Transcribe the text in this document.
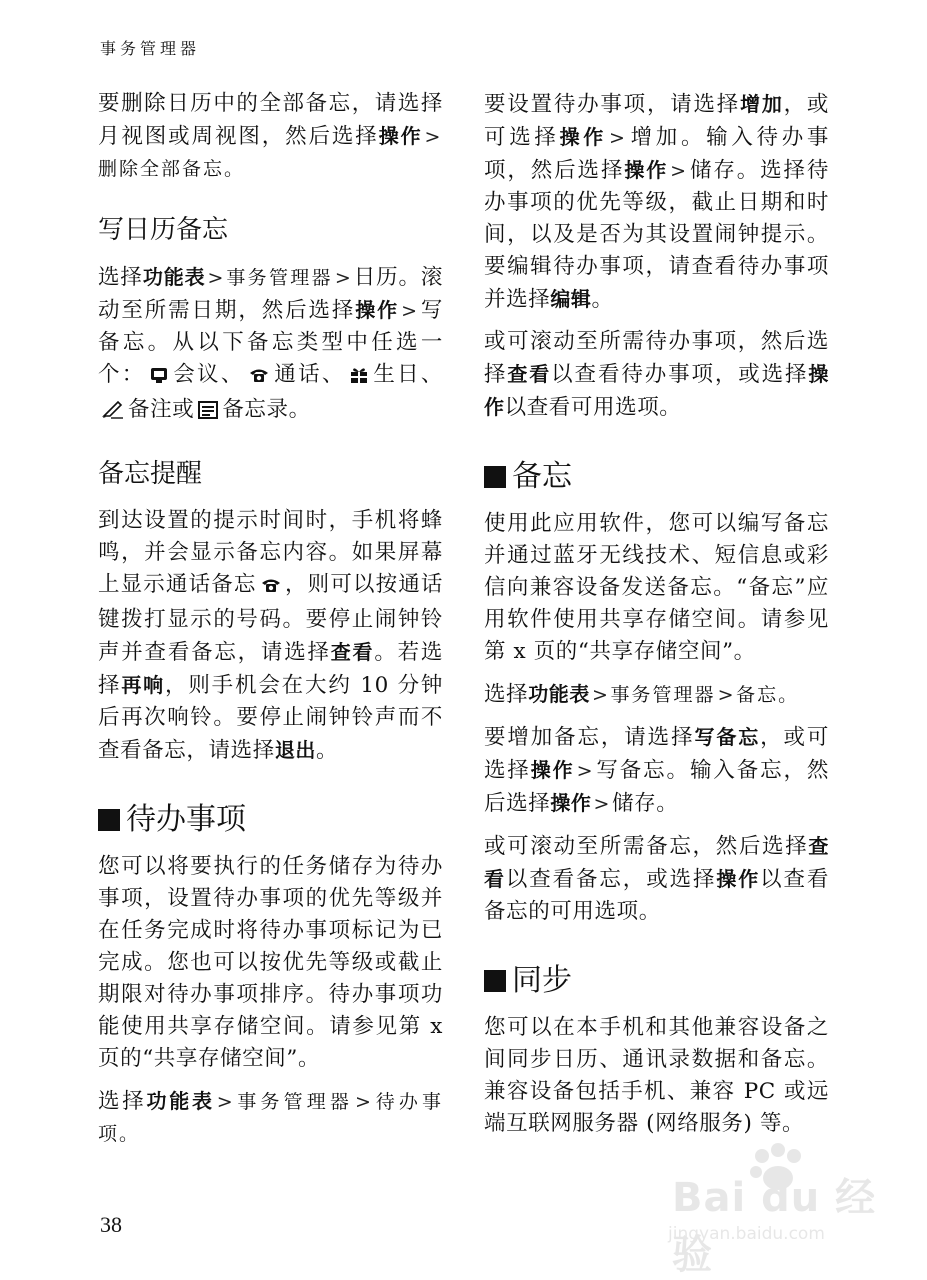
事务管理器

要删除日历中的全部备忘，请选择月视图或周视图，然后选择操作 >删除全部备忘。

写日历备忘

选择功能表 > 事务管理器 >日历。滚动至所需日期，然后选择操作 >写备忘。从以下备忘类型中任选一个： 会议、 通话、 生日、备注或 备忘录。

备忘提醒

到达设置的提示时间时，手机将蜂鸣，并会显示备忘内容。如果屏幕上显示通话备忘 ，则可以按通话键拨打显示的号码。要停止闹钟铃声并查看备忘，请选择查看。若选择再响，则手机会在大约 10 分钟后再次响铃。要停止闹钟铃声而不查看备忘，请选择退出。

待办事项

您可以将要执行的任务储存为待办事项，设置待办事项的优先等级并在任务完成时将待办事项标记为已完成。您也可以按优先等级或截止期限对待办事项排序。待办事项功能使用共享存储空间。请参见第 x 页的“共享存储空间”。

选择功能表 > 事务管理器 > 待办事项。

要设置待办事项，请选择增加，或可选择操作 >增加。输入待办事项，然后选择操作 >储存。选择待办事项的优先等级，截止日期和时间，以及是否为其设置闹钟提示。要编辑待办事项，请查看待办事项并选择编辑。

或可滚动至所需待办事项，然后选择查看以查看待办事项，或选择操作以查看可用选项。

备忘

使用此应用软件，您可以编写备忘并通过蓝牙无线技术、短信息或彩信向兼容设备发送备忘。“备忘”应用软件使用共享存储空间。请参见第 x 页的“共享存储空间”。

选择功能表 > 事务管理器 > 备忘。

要增加备忘，请选择写备忘，或可选择操作 >写备忘。输入备忘，然后选择操作 >储存。

或可滚动至所需备忘，然后选择查看以查看备忘，或选择操作以查看备忘的可用选项。

同步

您可以在本手机和其他兼容设备之间同步日历、通讯录数据和备忘。兼容设备包括手机、兼容 PC 或远端互联网服务器 (网络服务) 等。

38
Bai du 经验
jingyan.baidu.com
